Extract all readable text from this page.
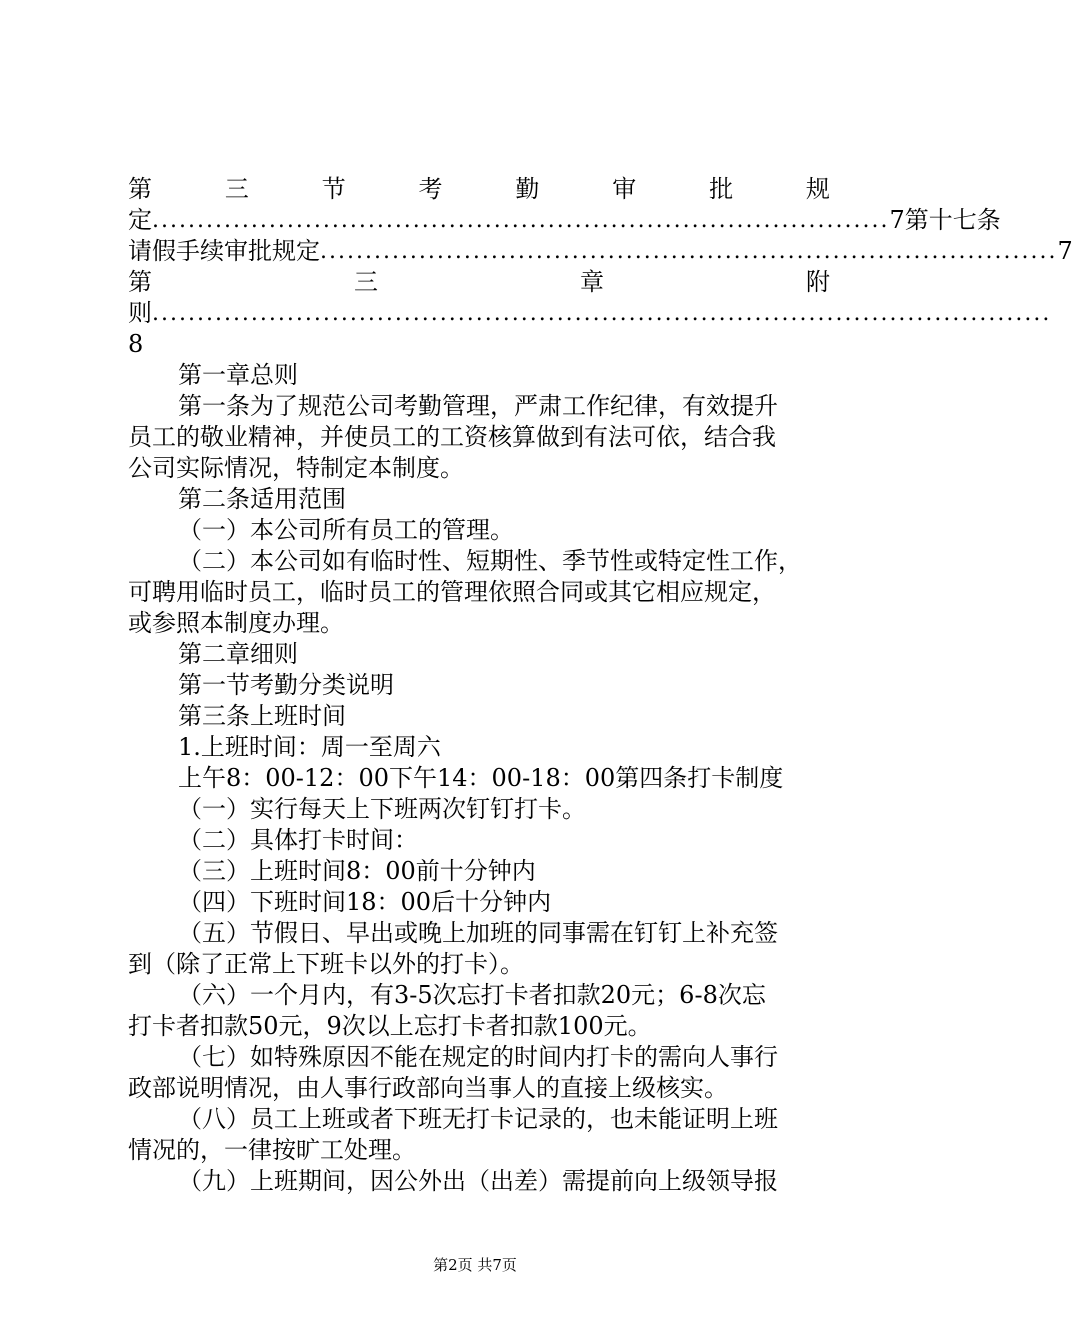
第	三	节	考	勤	审	批	规
定 .................................................................................. 7第十七条
请假手续审批规定 .................................................................................. 7
第	三	章	附
则 ....................................................................................................
8
第一章总则
第一条为了规范公司考勤管理，严肃工作纪律，有效提升
员工的敬业精神，并使员工的工资核算做到有法可依，结合我
公司实际情况，特制定本制度。
第二条适用范围
（一）本公司所有员工的管理。
（二）本公司如有临时性、短期性、季节性或特定性工作，
可聘用临时员工，临时员工的管理依照合同或其它相应规定，
或参照本制度办理。
第二章细则
第一节考勤分类说明
第三条上班时间
1.上班时间：周一至周六
上午8：00-12：00下午14：00-18：00第四条打卡制度
（一）实行每天上下班两次钉钉打卡。
（二）具体打卡时间：
（三）上班时间8：00前十分钟内
（四）下班时间18：00后十分钟内
（五）节假日、早出或晚上加班的同事需在钉钉上补充签
到（除了正常上下班卡以外的打卡）。
（六）一个月内，有3-5次忘打卡者扣款20元；6-8次忘
打卡者扣款50元，9次以上忘打卡者扣款100元。
（七）如特殊原因不能在规定的时间内打卡的需向人事行
政部说明情况，由人事行政部向当事人的直接上级核实。
（八）员工上班或者下班无打卡记录的，也未能证明上班
情况的，一律按旷工处理。
（九）上班期间，因公外出（出差）需提前向上级领导报
第2页 共7页
